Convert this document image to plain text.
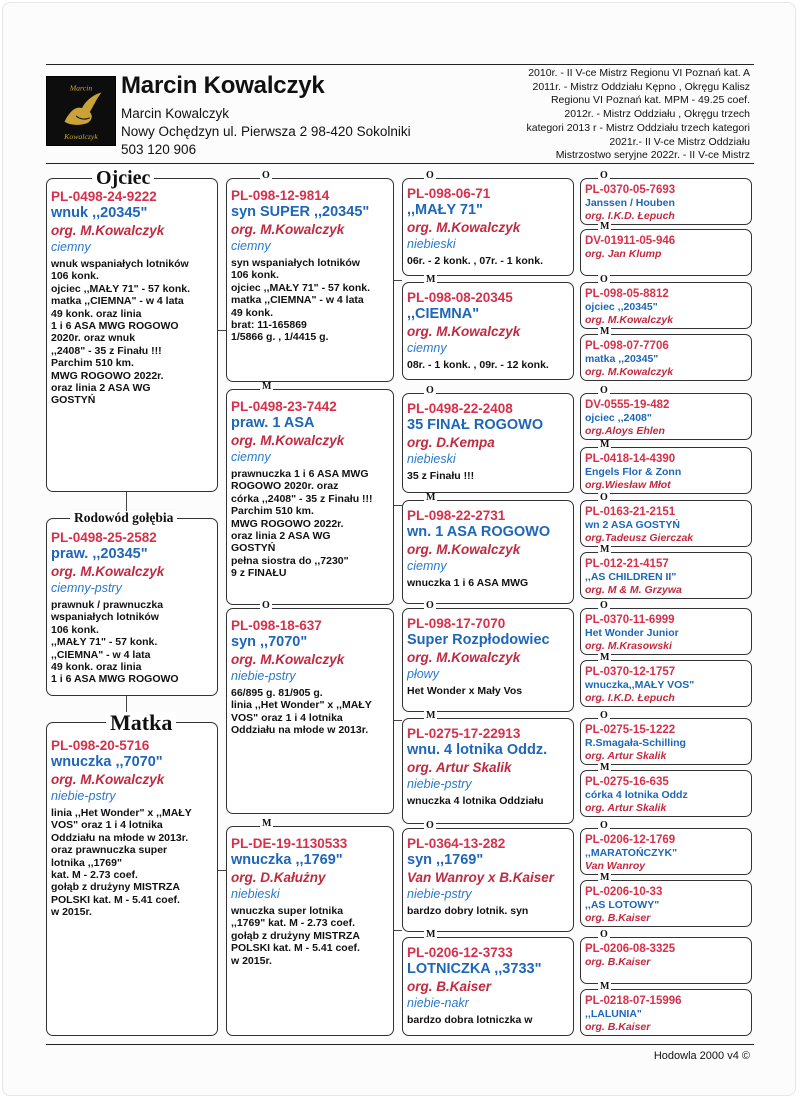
Marcin
Kowalczyk
Marcin Kowalczyk
Marcin Kowalczyk
Nowy Ochędzyn ul. Pierwsza 2 98-420 Sokolniki
503 120 906
2010r. - II V-ce Mistrz Regionu VI Poznań kat. A
2011r. - Mistrz Oddziału Kępno , Okręgu Kalisz
Regionu VI Poznań kat. MPM - 49.25 coef.
2012r. - Mistrz Oddziału , Okręgu trzech
kategori 2013 r - Mistrz Oddziału trzech kategori
2021r.- II V-ce Mistrz Oddziału
Mistrzostwo seryjne 2022r. - II V-ce Mistrz
PL-0498-24-9222
wnuk ,,20345"
org. M.Kowalczyk
ciemny
wnuk wspaniałych lotników
106 konk.
ojciec ,,MAŁY 71" - 57 konk.
matka ,,CIEMNA" - w 4 lata
49 konk. oraz linia
1 i 6 ASA MWG ROGOWO
2020r. oraz wnuk
,,2408" - 35 z Finału !!!
Parchim 510 km.
MWG ROGOWO 2022r.
oraz linia 2 ASA WG
GOSTYŃ
Ojciec
PL-0498-25-2582
praw. ,,20345"
org. M.Kowalczyk
ciemny-pstry
prawnuk / prawnuczka
wspaniałych lotników
106 konk.
,,MAŁY 71" - 57 konk.
,,CIEMNA" - w 4 lata
49 konk. oraz linia
1 i 6 ASA MWG ROGOWO
Rodowód gołębia
PL-098-20-5716
wnuczka ,,7070"
org. M.Kowalczyk
niebie-pstry
linia ,,Het Wonder" x ,,MAŁY
VOS" oraz 1 i 4 lotnika
Oddziału na młode w 2013r.
oraz prawnuczka super
lotnika ,,1769"
kat. M - 2.73 coef.
gołąb z drużyny MISTRZA
POLSKI kat. M - 5.41 coef.
w 2015r.
Matka
PL-098-12-9814
syn SUPER ,,20345"
org. M.Kowalczyk
ciemny
syn wspaniałych lotników
106 konk.
ojciec ,,MAŁY 71" - 57 konk.
matka ,,CIEMNA" - w 4 lata
49 konk.
brat: 11-165869
1/5866 g. , 1/4415 g.
O
PL-0498-23-7442
praw. 1 ASA
org. M.Kowalczyk
ciemny
prawnuczka 1 i 6 ASA MWG
ROGOWO 2020r. oraz
córka ,,2408" - 35 z Finału !!!
Parchim 510 km.
MWG ROGOWO 2022r.
oraz linia 2 ASA WG
GOSTYŃ
pełna siostra do ,,7230"
9 z FINAŁU
M
PL-098-18-637
syn ,,7070"
org. M.Kowalczyk
niebie-pstry
66/895 g. 81/905 g.
linia ,,Het Wonder" x ,,MAŁY
VOS" oraz 1 i 4 lotnika
Oddziału na młode w 2013r.
O
PL-DE-19-1130533
wnuczka ,,1769"
org. D.Kałużny
niebieski
wnuczka super lotnika
,,1769" kat. M - 2.73 coef.
gołąb z drużyny MISTRZA
POLSKI kat. M - 5.41 coef.
w 2015r.
M
PL-098-06-71
,,MAŁY 71"
org. M.Kowalczyk
niebieski
06r. - 2 konk. , 07r. - 1 konk.
O
PL-098-08-20345
,,CIEMNA"
org. M.Kowalczyk
ciemny
08r. - 1 konk. , 09r. - 12 konk.
M
PL-0498-22-2408
35 FINAŁ ROGOWO
org. D.Kempa
niebieski
35 z Finału !!!
O
PL-098-22-2731
wn. 1 ASA ROGOWO
org. M.Kowalczyk
ciemny
wnuczka 1 i 6 ASA MWG
M
PL-098-17-7070
Super Rozpłodowiec
org. M.Kowalczyk
płowy
Het Wonder x Mały Vos
O
PL-0275-17-22913
wnu. 4 lotnika Oddz.
org. Artur Skalik
niebie-pstry
wnuczka 4 lotnika Oddziału
M
PL-0364-13-282
syn ,,1769"
Van Wanroy x B.Kaiser
niebie-pstry
bardzo dobry lotnik. syn
O
PL-0206-12-3733
LOTNICZKA ,,3733"
org. B.Kaiser
niebie-nakr
bardzo dobra lotniczka w
M
PL-0370-05-7693
Janssen / Houben
org. I.K.D. Łepuch
O
DV-01911-05-946
org. Jan Klump
M
PL-098-05-8812
ojciec ,,20345"
org. M.Kowalczyk
O
PL-098-07-7706
matka ,,20345"
org. M.Kowalczyk
M
DV-0555-19-482
ojciec ,,2408"
org.Aloys Ehlen
O
PL-0418-14-4390
Engels Flor & Zonn
org.Wiesław Młot
M
PL-0163-21-2151
wn 2 ASA GOSTYŃ
org.Tadeusz Gierczak
O
PL-012-21-4157
,,AS CHILDREN II"
org. M & M. Grzywa
M
PL-0370-11-6999
Het Wonder Junior
org. M.Krasowski
O
PL-0370-12-1757
wnuczka,,MAŁY VOS"
org. I.K.D. Łepuch
M
PL-0275-15-1222
R.Smagała-Schilling
org. Artur Skalik
O
PL-0275-16-635
córka 4 lotnika Oddz
org. Artur Skalik
M
PL-0206-12-1769
,,MARATOŃCZYK"
Van Wanroy
O
PL-0206-10-33
,,AS LOTOWY"
org. B.Kaiser
M
PL-0206-08-3325
org. B.Kaiser
O
PL-0218-07-15996
,,LALUNIA"
org. B.Kaiser
M
Hodowla 2000 v4 ©
